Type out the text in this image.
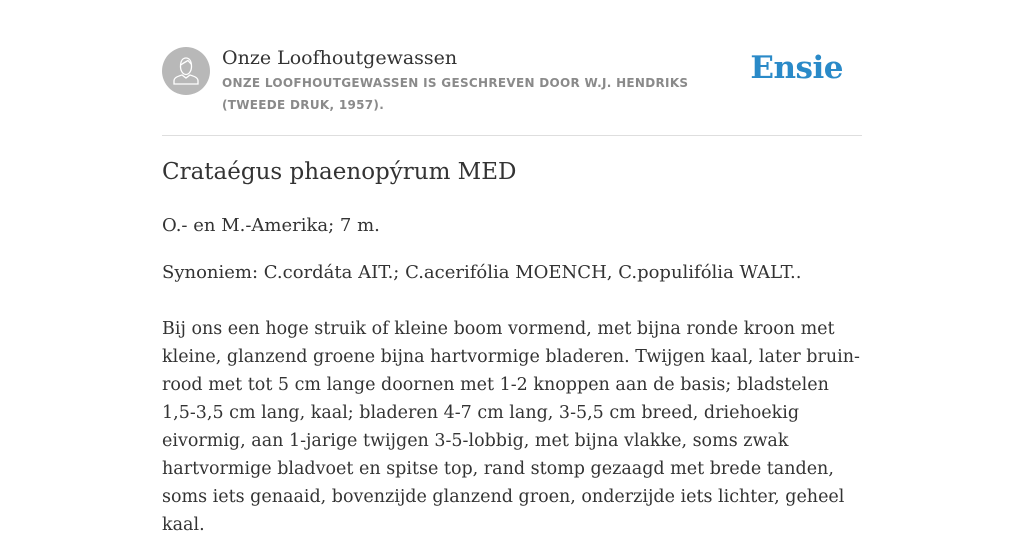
Onze Loofhoutgewassen
ONZE LOOFHOUTGEWASSEN IS GESCHREVEN DOOR W.J. HENDRIKS (TWEEDE DRUK, 1957).
Ensie
Crataégus phaenopýrum MED
O.- en M.-Amerika; 7 m.
Synoniem: C.cordáta AIT.; C.acerifólia MOENCH, C.populifólia WALT..
Bij ons een hoge struik of kleine boom vormend, met bijna ronde kroon met kleine, glanzend groene bijna hartvormige bladeren. Twijgen kaal, later bruin-rood met tot 5 cm lange doornen met 1-2 knoppen aan de basis; bladstelen 1,5-3,5 cm lang, kaal; bladeren 4-7 cm lang, 3-5,5 cm breed, driehoekig eivormig, aan 1-jarige twijgen 3-5-lobbig, met bijna vlakke, soms zwak hartvormige bladvoet en spitse top, rand stomp gezaagd met brede tanden, soms iets genaaid, bovenzijde glanzend groen, onderzijde iets lichter, geheel kaal.
